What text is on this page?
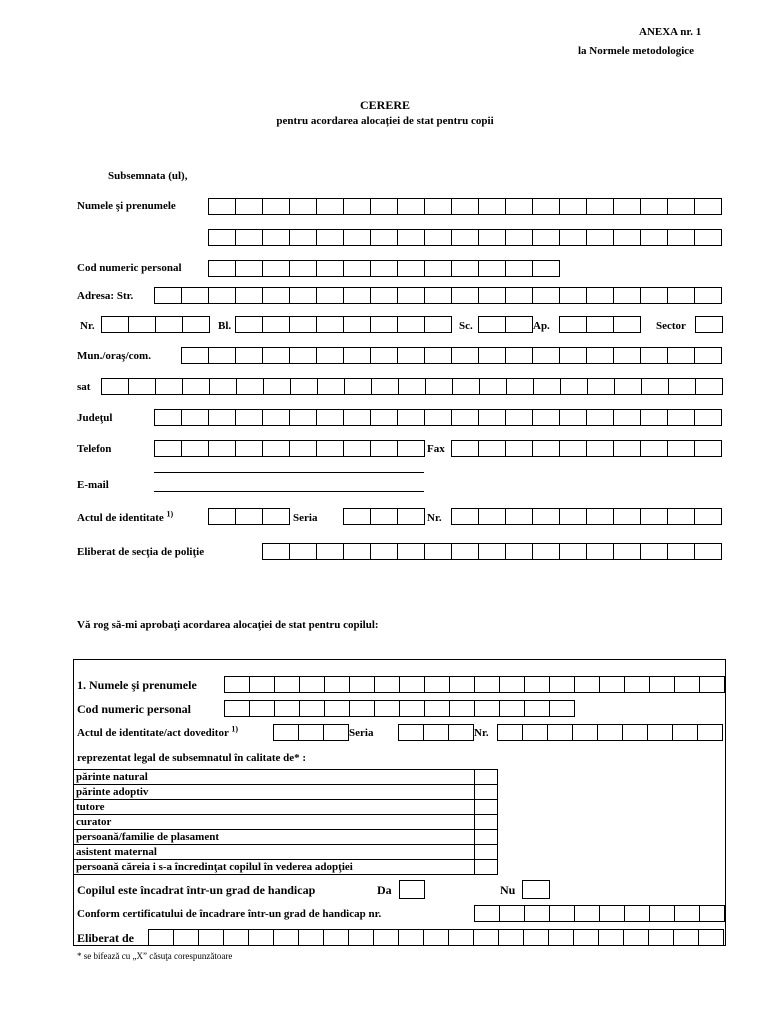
ANEXA nr. 1
la Normele metodologice
CERERE
pentru acordarea alocației de stat pentru copii
Subsemnata (ul),
Numele şi prenumele
Cod numeric personal
Adresa: Str.
Nr.	Bl.	Sc.	Ap.	Sector
Mun./oraş/com.
sat
Judeţul
Telefon	Fax
E-mail
Actul de identitate $^{1)}$	Seria	Nr.
Eliberat de secţia de poliţie
Vă rog să-mi aprobaţi acordarea alocaţiei de stat pentru copilul:
1. Numele şi prenumele
Cod numeric personal
Actul de identitate/act doveditor $^{1)}$	Seria	Nr.
reprezentat legal de subsemnatul în calitate de* :
părinte natural
părinte adoptiv
tutore
curator
persoană/familie de plasament
asistent maternal
persoană căreia i s-a încredinţat copilul în vederea adopţiei
Copilul este încadrat într-un grad de handicap	Da	Nu
Conform certificatului de încadrare într-un grad de handicap nr.
Eliberat de
* se bifează cu „X” căsuţa corespunzătoare
